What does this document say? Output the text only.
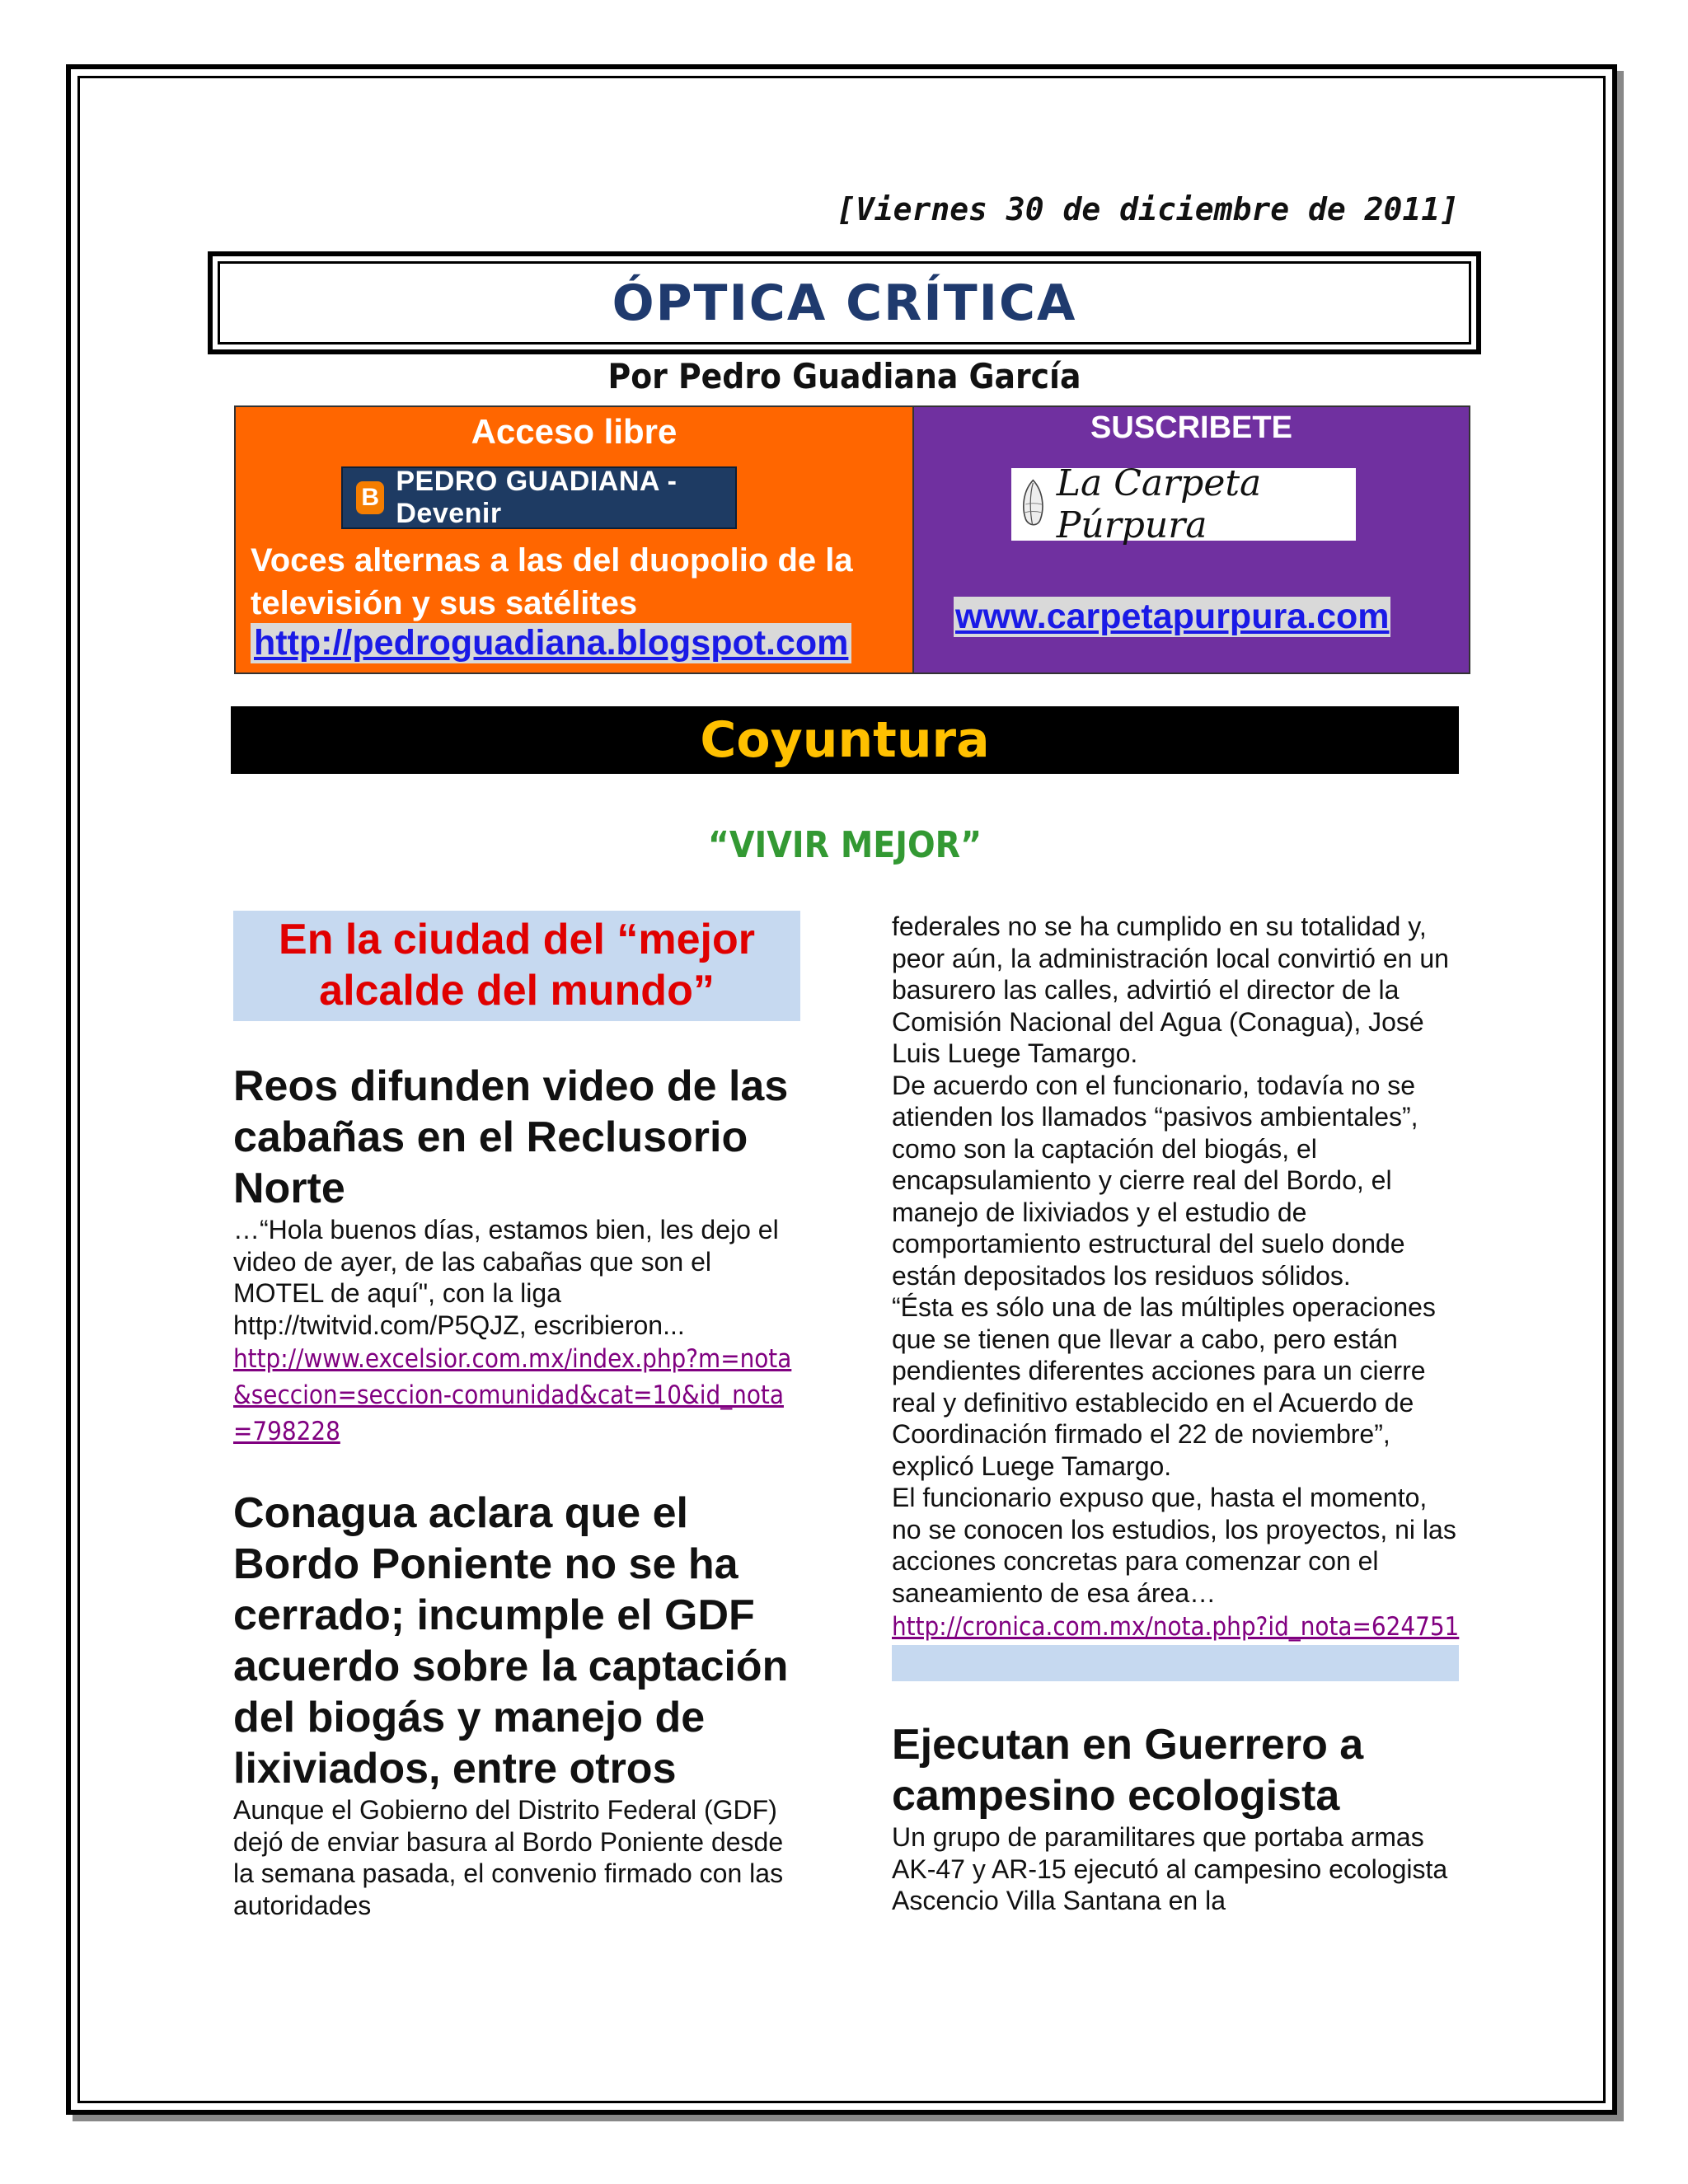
[Viernes 30 de diciembre de 2011]
ÓPTICA CRÍTICA
Por Pedro Guadiana García
Acceso libre
B
PEDRO GUADIANA - Devenir
Voces alternas a las del duopolio de la televisión y sus satélites
http://pedroguadiana.blogspot.com
SUSCRIBETE
La Carpeta Púrpura
www.carpetapurpura.com
Coyuntura
“VIVIR MEJOR”
En la ciudad del “mejor alcalde del mundo”
Reos difunden video de las cabañas en el Reclusorio Norte
…“Hola buenos días, estamos bien, les dejo el video de ayer, de las cabañas que son el MOTEL de aquí", con la liga http://twitvid.com/P5QJZ, escribieron...
http://www.excelsior.com.mx/index.php?m=nota&seccion=seccion-comunidad&cat=10&id_nota=798228
Conagua aclara que el Bordo Poniente no se ha cerrado; incumple el GDF acuerdo sobre la captación del biogás y manejo de lixiviados, entre otros
Aunque el Gobierno del Distrito Federal (GDF) dejó de enviar basura al Bordo Poniente desde la semana pasada, el convenio firmado con las autoridades
federales no se ha cumplido en su totalidad y, peor aún, la administración local convirtió en un basurero las calles, advirtió el director de la Comisión Nacional del Agua (Conagua), José Luis Luege Tamargo.
De acuerdo con el funcionario, todavía no se atienden los llamados “pasivos ambientales”, como son la captación del biogás, el encapsulamiento y cierre real del Bordo, el manejo de lixiviados y el estudio de comportamiento estructural del suelo donde están depositados los residuos sólidos.
“Ésta es sólo una de las múltiples operaciones que se tienen que llevar a cabo, pero están pendientes diferentes acciones para un cierre real y definitivo establecido en el Acuerdo de Coordinación firmado el 22 de noviembre”, explicó Luege Tamargo.
El funcionario expuso que, hasta el momento, no se conocen los estudios, los proyectos, ni las acciones concretas para comenzar con el saneamiento de esa área…
http://cronica.com.mx/nota.php?id_nota=624751
Ejecutan en Guerrero a campesino ecologista
Un grupo de paramilitares que portaba armas AK-47 y AR-15 ejecutó al campesino ecologista Ascencio Villa Santana en la
